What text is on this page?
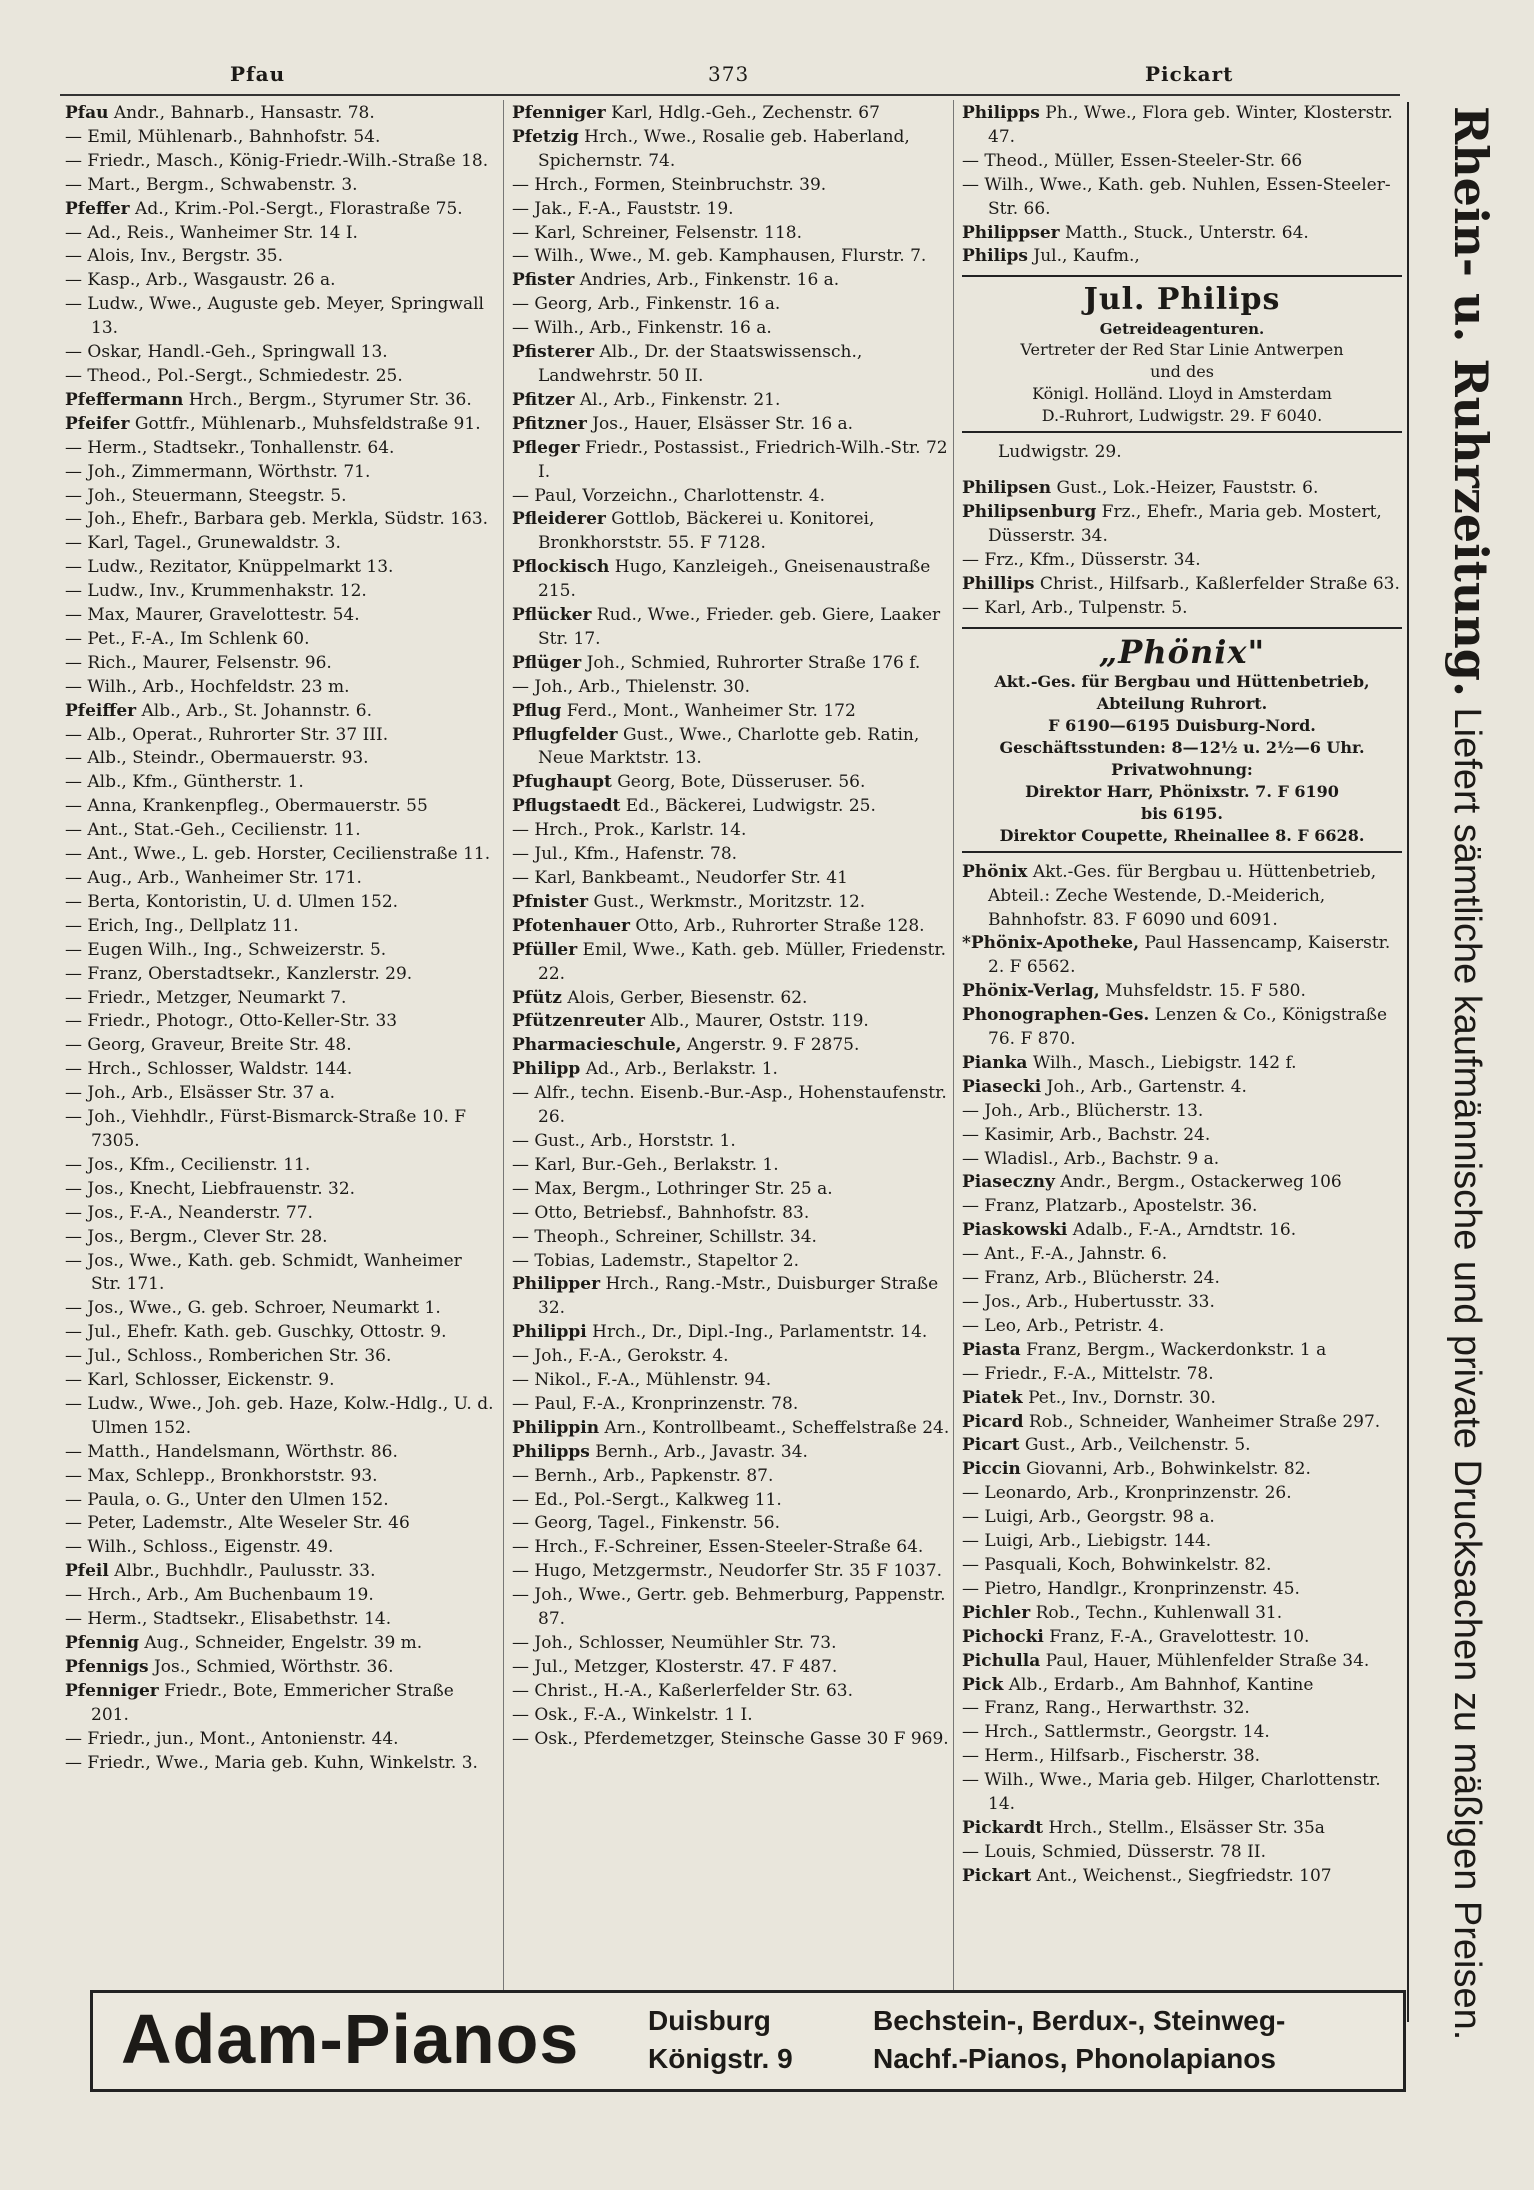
Pfau	373	Pickart

Pfau Andr., Bahnarb., Hansastr. 78.

— Emil, Mühlenarb., Bahnhofstr. 54.

— Friedr., Masch., König-Friedr.-Wilh.-Straße 18.

— Mart., Bergm., Schwabenstr. 3.

Pfeffer Ad., Krim.-Pol.-Sergt., Florastraße 75.

— Ad., Reis., Wanheimer Str. 14 I.

— Alois, Inv., Bergstr. 35.

— Kasp., Arb., Wasgaustr. 26 a.

— Ludw., Wwe., Auguste geb. Meyer, Springwall 13.

— Oskar, Handl.-Geh., Springwall 13.

— Theod., Pol.-Sergt., Schmiedestr. 25.

Pfeffermann Hrch., Bergm., Styrumer Str. 36.

Pfeifer Gottfr., Mühlenarb., Muhsfeldstraße 91.

— Herm., Stadtsekr., Tonhallenstr. 64.

— Joh., Zimmermann, Wörthstr. 71.

— Joh., Steuermann, Steegstr. 5.

— Joh., Ehefr., Barbara geb. Merkla, Südstr. 163.

— Karl, Tagel., Grunewaldstr. 3.

— Ludw., Rezitator, Knüppelmarkt 13.

— Ludw., Inv., Krummenhakstr. 12.

— Max, Maurer, Gravelottestr. 54.

— Pet., F.-A., Im Schlenk 60.

— Rich., Maurer, Felsenstr. 96.

— Wilh., Arb., Hochfeldstr. 23 m.

Pfeiffer Alb., Arb., St. Johannstr. 6.

— Alb., Operat., Ruhrorter Str. 37 III.

— Alb., Steindr., Obermauerstr. 93.

— Alb., Kfm., Güntherstr. 1.

— Anna, Krankenpfleg., Obermauerstr. 55

— Ant., Stat.-Geh., Cecilienstr. 11.

— Ant., Wwe., L. geb. Horster, Cecilienstraße 11.

— Aug., Arb., Wanheimer Str. 171.

— Berta, Kontoristin, U. d. Ulmen 152.

— Erich, Ing., Dellplatz 11.

— Eugen Wilh., Ing., Schweizerstr. 5.

— Franz, Oberstadtsekr., Kanzlerstr. 29.

— Friedr., Metzger, Neumarkt 7.

— Friedr., Photogr., Otto-Keller-Str. 33

— Georg, Graveur, Breite Str. 48.

— Hrch., Schlosser, Waldstr. 144.

— Joh., Arb., Elsässer Str. 37 a.

— Joh., Viehhdlr., Fürst-Bismarck-Straße 10. F 7305.

— Jos., Kfm., Cecilienstr. 11.

— Jos., Knecht, Liebfrauenstr. 32.

— Jos., F.-A., Neanderstr. 77.

— Jos., Bergm., Clever Str. 28.

— Jos., Wwe., Kath. geb. Schmidt, Wanheimer Str. 171.

— Jos., Wwe., G. geb. Schroer, Neumarkt 1.

— Jul., Ehefr. Kath. geb. Guschky, Ottostr. 9.

— Jul., Schloss., Romberichen Str. 36.

— Karl, Schlosser, Eickenstr. 9.

— Ludw., Wwe., Joh. geb. Haze, Kolw.-Hdlg., U. d. Ulmen 152.

— Matth., Handelsmann, Wörthstr. 86.

— Max, Schlepp., Bronkhorststr. 93.

— Paula, o. G., Unter den Ulmen 152.

— Peter, Lademstr., Alte Weseler Str. 46

— Wilh., Schloss., Eigenstr. 49.

Pfeil Albr., Buchhdlr., Paulusstr. 33.

— Hrch., Arb., Am Buchenbaum 19.

— Herm., Stadtsekr., Elisabethstr. 14.

Pfennig Aug., Schneider, Engelstr. 39 m.

Pfennigs Jos., Schmied, Wörthstr. 36.

Pfenniger Friedr., Bote, Emmericher Straße 201.

— Friedr., jun., Mont., Antonienstr. 44.

— Friedr., Wwe., Maria geb. Kuhn, Winkelstr. 3.

Pfenniger Karl, Hdlg.-Geh., Zechenstr. 67

Pfetzig Hrch., Wwe., Rosalie geb. Haberland, Spichernstr. 74.

— Hrch., Formen, Steinbruchstr. 39.

— Jak., F.-A., Fauststr. 19.

— Karl, Schreiner, Felsenstr. 118.

— Wilh., Wwe., M. geb. Kamphausen, Flurstr. 7.

Pfister Andries, Arb., Finkenstr. 16 a.

— Georg, Arb., Finkenstr. 16 a.

— Wilh., Arb., Finkenstr. 16 a.

Pfisterer Alb., Dr. der Staatswissensch., Landwehrstr. 50 II.

Pfitzer Al., Arb., Finkenstr. 21.

Pfitzner Jos., Hauer, Elsässer Str. 16 a.

Pfleger Friedr., Postassist., Friedrich-Wilh.-Str. 72 I.

— Paul, Vorzeichn., Charlottenstr. 4.

Pfleiderer Gottlob, Bäckerei u. Konitorei, Bronkhorststr. 55. F 7128.

Pflockisch Hugo, Kanzleigeh., Gneisenaustraße 215.

Pflücker Rud., Wwe., Frieder. geb. Giere, Laaker Str. 17.

Pflüger Joh., Schmied, Ruhrorter Straße 176 f.

— Joh., Arb., Thielenstr. 30.

Pflug Ferd., Mont., Wanheimer Str. 172

Pflugfelder Gust., Wwe., Charlotte geb. Ratin, Neue Marktstr. 13.

Pfughaupt Georg, Bote, Düsseruser. 56.

Pflugstaedt Ed., Bäckerei, Ludwigstr. 25.

— Hrch., Prok., Karlstr. 14.

— Jul., Kfm., Hafenstr. 78.

— Karl, Bankbeamt., Neudorfer Str. 41

Pfnister Gust., Werkmstr., Moritzstr. 12.

Pfotenhauer Otto, Arb., Ruhrorter Straße 128.

Pfüller Emil, Wwe., Kath. geb. Müller, Friedenstr. 22.

Pfütz Alois, Gerber, Biesenstr. 62.

Pfützenreuter Alb., Maurer, Oststr. 119.

Pharmacieschule, Angerstr. 9. F 2875.

Philipp Ad., Arb., Berlakstr. 1.

— Alfr., techn. Eisenb.-Bur.-Asp., Hohenstaufenstr. 26.

— Gust., Arb., Horststr. 1.

— Karl, Bur.-Geh., Berlakstr. 1.

— Max, Bergm., Lothringer Str. 25 a.

— Otto, Betriebsf., Bahnhofstr. 83.

— Theoph., Schreiner, Schillstr. 34.

— Tobias, Lademstr., Stapeltor 2.

Philipper Hrch., Rang.-Mstr., Duisburger Straße 32.

Philippi Hrch., Dr., Dipl.-Ing., Parlamentstr. 14.

— Joh., F.-A., Gerokstr. 4.

— Nikol., F.-A., Mühlenstr. 94.

— Paul, F.-A., Kronprinzenstr. 78.

Philippin Arn., Kontrollbeamt., Scheffelstraße 24.

Philipps Bernh., Arb., Javastr. 34.

— Bernh., Arb., Papkenstr. 87.

— Ed., Pol.-Sergt., Kalkweg 11.

— Georg, Tagel., Finkenstr. 56.

— Hrch., F.-Schreiner, Essen-Steeler-Straße 64.

— Hugo, Metzgermstr., Neudorfer Str. 35 F 1037.

— Joh., Wwe., Gertr. geb. Behmerburg, Pappenstr. 87.

— Joh., Schlosser, Neumühler Str. 73.

— Jul., Metzger, Klosterstr. 47. F 487.

— Christ., H.-A., Kaßerlerfelder Str. 63.

— Osk., F.-A., Winkelstr. 1 I.

— Osk., Pferdemetzger, Steinsche Gasse 30 F 969.

Philipps Ph., Wwe., Flora geb. Winter, Klosterstr. 47.

— Theod., Müller, Essen-Steeler-Str. 66

— Wilh., Wwe., Kath. geb. Nuhlen, Essen-Steeler-Str. 66.

Philippser Matth., Stuck., Unterstr. 64.

Philips Jul., Kaufm.,

Jul. Philips
Getreideagenturen.
Vertreter der Red Star Linie Antwerpen
und des
Königl. Holländ. Lloyd in Amsterdam
D.-Ruhrort, Ludwigstr. 29. F 6040.
Ludwigstr. 29.

Philipsen Gust., Lok.-Heizer, Fauststr. 6.

Philipsenburg Frz., Ehefr., Maria geb. Mostert, Düsserstr. 34.

— Frz., Kfm., Düsserstr. 34.

Phillips Christ., Hilfsarb., Kaßlerfelder Straße 63.

— Karl, Arb., Tulpenstr. 5.

„Phönix"
Akt.-Ges. für Bergbau und Hüttenbetrieb,
Abteilung Ruhrort.
F 6190—6195 Duisburg-Nord.
Geschäftsstunden: 8—12½ u. 2½—6 Uhr.
Privatwohnung:
Direktor Harr, Phönixstr. 7. F 6190
bis 6195.
Direktor Coupette, Rheinallee 8. F 6628.

Phönix Akt.-Ges. für Bergbau u. Hüttenbetrieb, Abteil.: Zeche Westende, D.-Meiderich, Bahnhofstr. 83. F 6090 und 6091.

*Phönix-Apotheke, Paul Hassencamp, Kaiserstr. 2. F 6562.

Phönix-Verlag, Muhsfeldstr. 15. F 580.

Phonographen-Ges. Lenzen & Co., Königstraße 76. F 870.

Pianka Wilh., Masch., Liebigstr. 142 f.

Piasecki Joh., Arb., Gartenstr. 4.

— Joh., Arb., Blücherstr. 13.

— Kasimir, Arb., Bachstr. 24.

— Wladisl., Arb., Bachstr. 9 a.

Piaseczny Andr., Bergm., Ostackerweg 106

— Franz, Platzarb., Apostelstr. 36.

Piaskowski Adalb., F.-A., Arndtstr. 16.

— Ant., F.-A., Jahnstr. 6.

— Franz, Arb., Blücherstr. 24.

— Jos., Arb., Hubertusstr. 33.

— Leo, Arb., Petristr. 4.

Piasta Franz, Bergm., Wackerdonkstr. 1 a

— Friedr., F.-A., Mittelstr. 78.

Piatek Pet., Inv., Dornstr. 30.

Picard Rob., Schneider, Wanheimer Straße 297.

Picart Gust., Arb., Veilchenstr. 5.

Piccin Giovanni, Arb., Bohwinkelstr. 82.

— Leonardo, Arb., Kronprinzenstr. 26.

— Luigi, Arb., Georgstr. 98 a.

— Luigi, Arb., Liebigstr. 144.

— Pasquali, Koch, Bohwinkelstr. 82.

— Pietro, Handlgr., Kronprinzenstr. 45.

Pichler Rob., Techn., Kuhlenwall 31.

Pichocki Franz, F.-A., Gravelottestr. 10.

Pichulla Paul, Hauer, Mühlenfelder Straße 34.

Pick Alb., Erdarb., Am Bahnhof, Kantine

— Franz, Rang., Herwarthstr. 32.

— Hrch., Sattlermstr., Georgstr. 14.

— Herm., Hilfsarb., Fischerstr. 38.

— Wilh., Wwe., Maria geb. Hilger, Charlottenstr. 14.

Pickardt Hrch., Stellm., Elsässer Str. 35a

— Louis, Schmied, Düsserstr. 78 II.

Pickart Ant., Weichenst., Siegfriedstr. 107

Rhein- u. Ruhrzeitung. Liefert sämtliche kaufmännische und private Drucksachen zu mäßigen Preisen.
Adam-Pianos Duisburg
Königstr. 9
Bechstein-, Berdux-, Steinweg-
Nachf.-Pianos, Phonolapianos
